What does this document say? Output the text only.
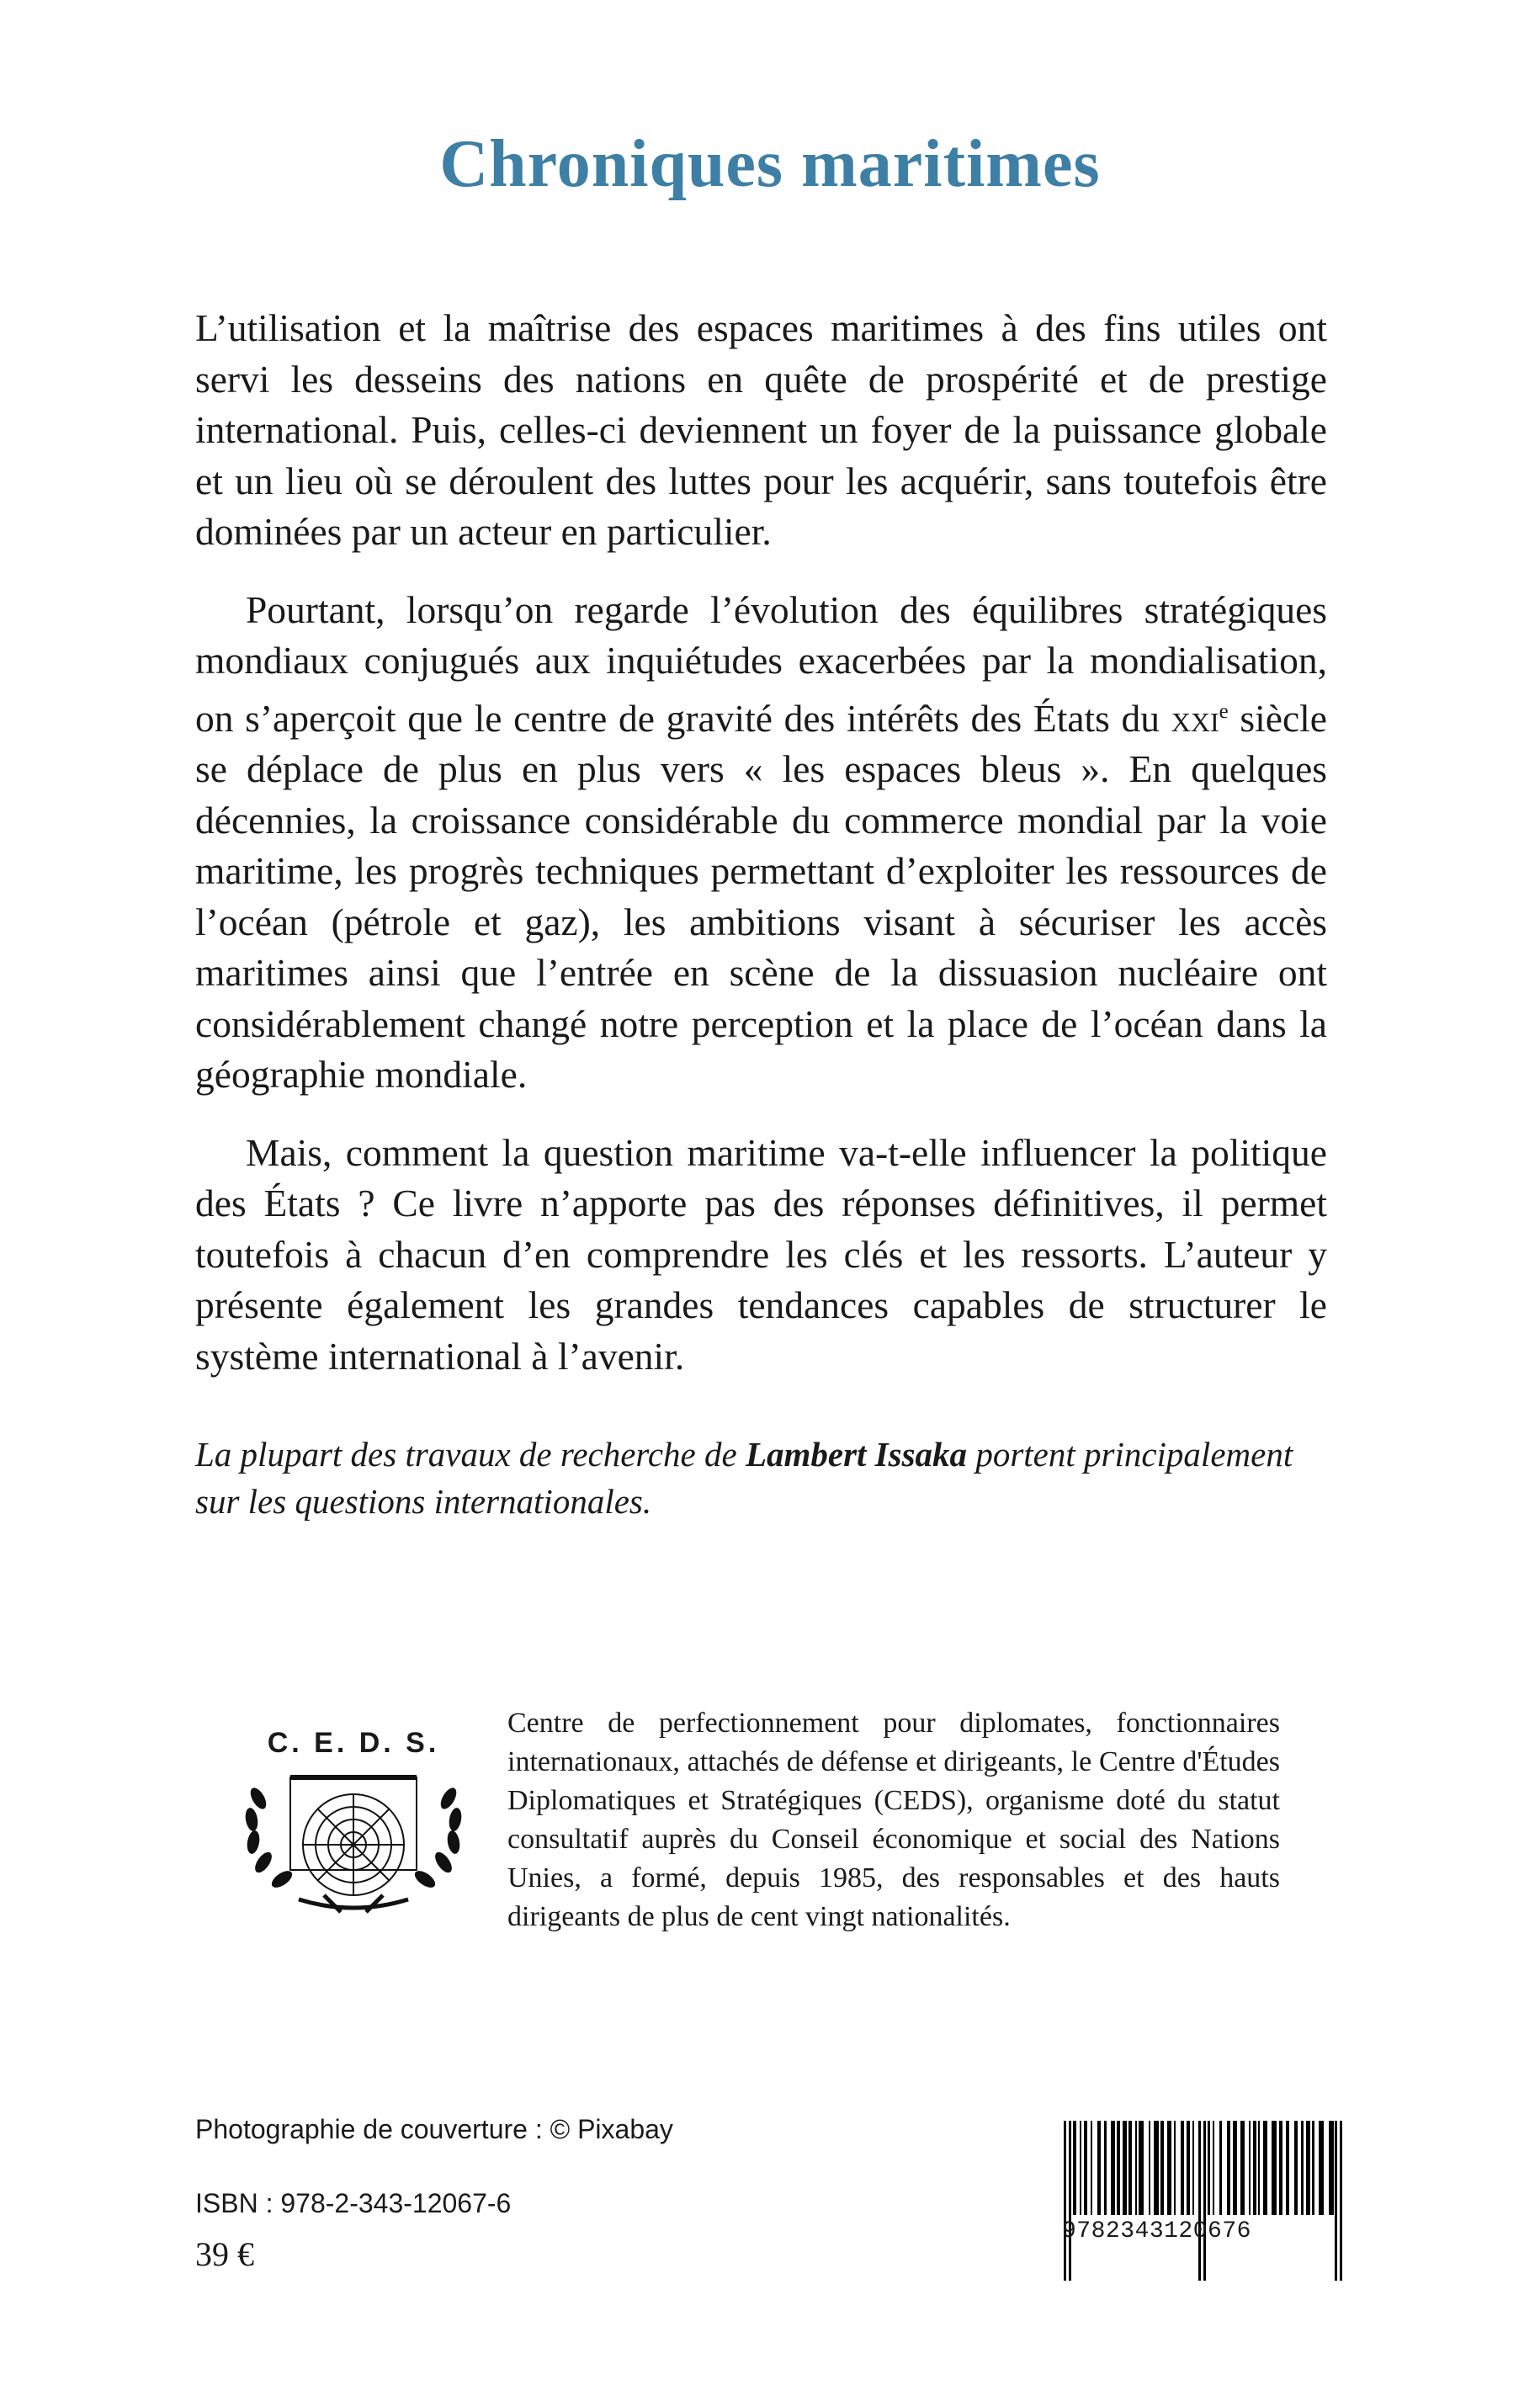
Chroniques maritimes

L’utilisation et la maîtrise des espaces maritimes à des fins utiles ont servi les desseins des nations en quête de prospérité et de prestige international. Puis, celles-ci deviennent un foyer de la puissance globale et un lieu où se déroulent des luttes pour les acquérir, sans toutefois être dominées par un acteur en particulier.

Pourtant, lorsqu’on regarde l’évolution des équilibres stratégiques mondiaux conjugués aux inquiétudes exacerbées par la mondialisation, on s’aperçoit que le centre de gravité des intérêts des États du xxi$^e$ siècle se déplace de plus en plus vers « les espaces bleus ». En quelques décennies, la croissance considérable du commerce mondial par la voie maritime, les progrès techniques permettant d’exploiter les ressources de l’océan (pétrole et gaz), les ambitions visant à sécuriser les accès maritimes ainsi que l’entrée en scène de la dissuasion nucléaire ont considérablement changé notre perception et la place de l’océan dans la géographie mondiale.

Mais, comment la question maritime va-t-elle influencer la politique des États ? Ce livre n’apporte pas des réponses définitives, il permet toutefois à chacun d’en comprendre les clés et les ressorts. L’auteur y présente également les grandes tendances capables de structurer le système international à l’avenir.

La plupart des travaux de recherche de Lambert Issaka portent principalement sur les questions internationales.

C. E. D. S.

Centre de perfectionnement pour diplomates, fonctionnaires internationaux, attachés de défense et dirigeants, le Centre d'Études Diplomatiques et Stratégiques (CEDS), organisme doté du statut consultatif auprès du Conseil économique et social des Nations Unies, a formé, depuis 1985, des responsables et des hauts dirigeants de plus de cent vingt nationalités.

Photographie de couverture : © Pixabay

ISBN : 978-2-343-12067-6

39 €

9782343120676
